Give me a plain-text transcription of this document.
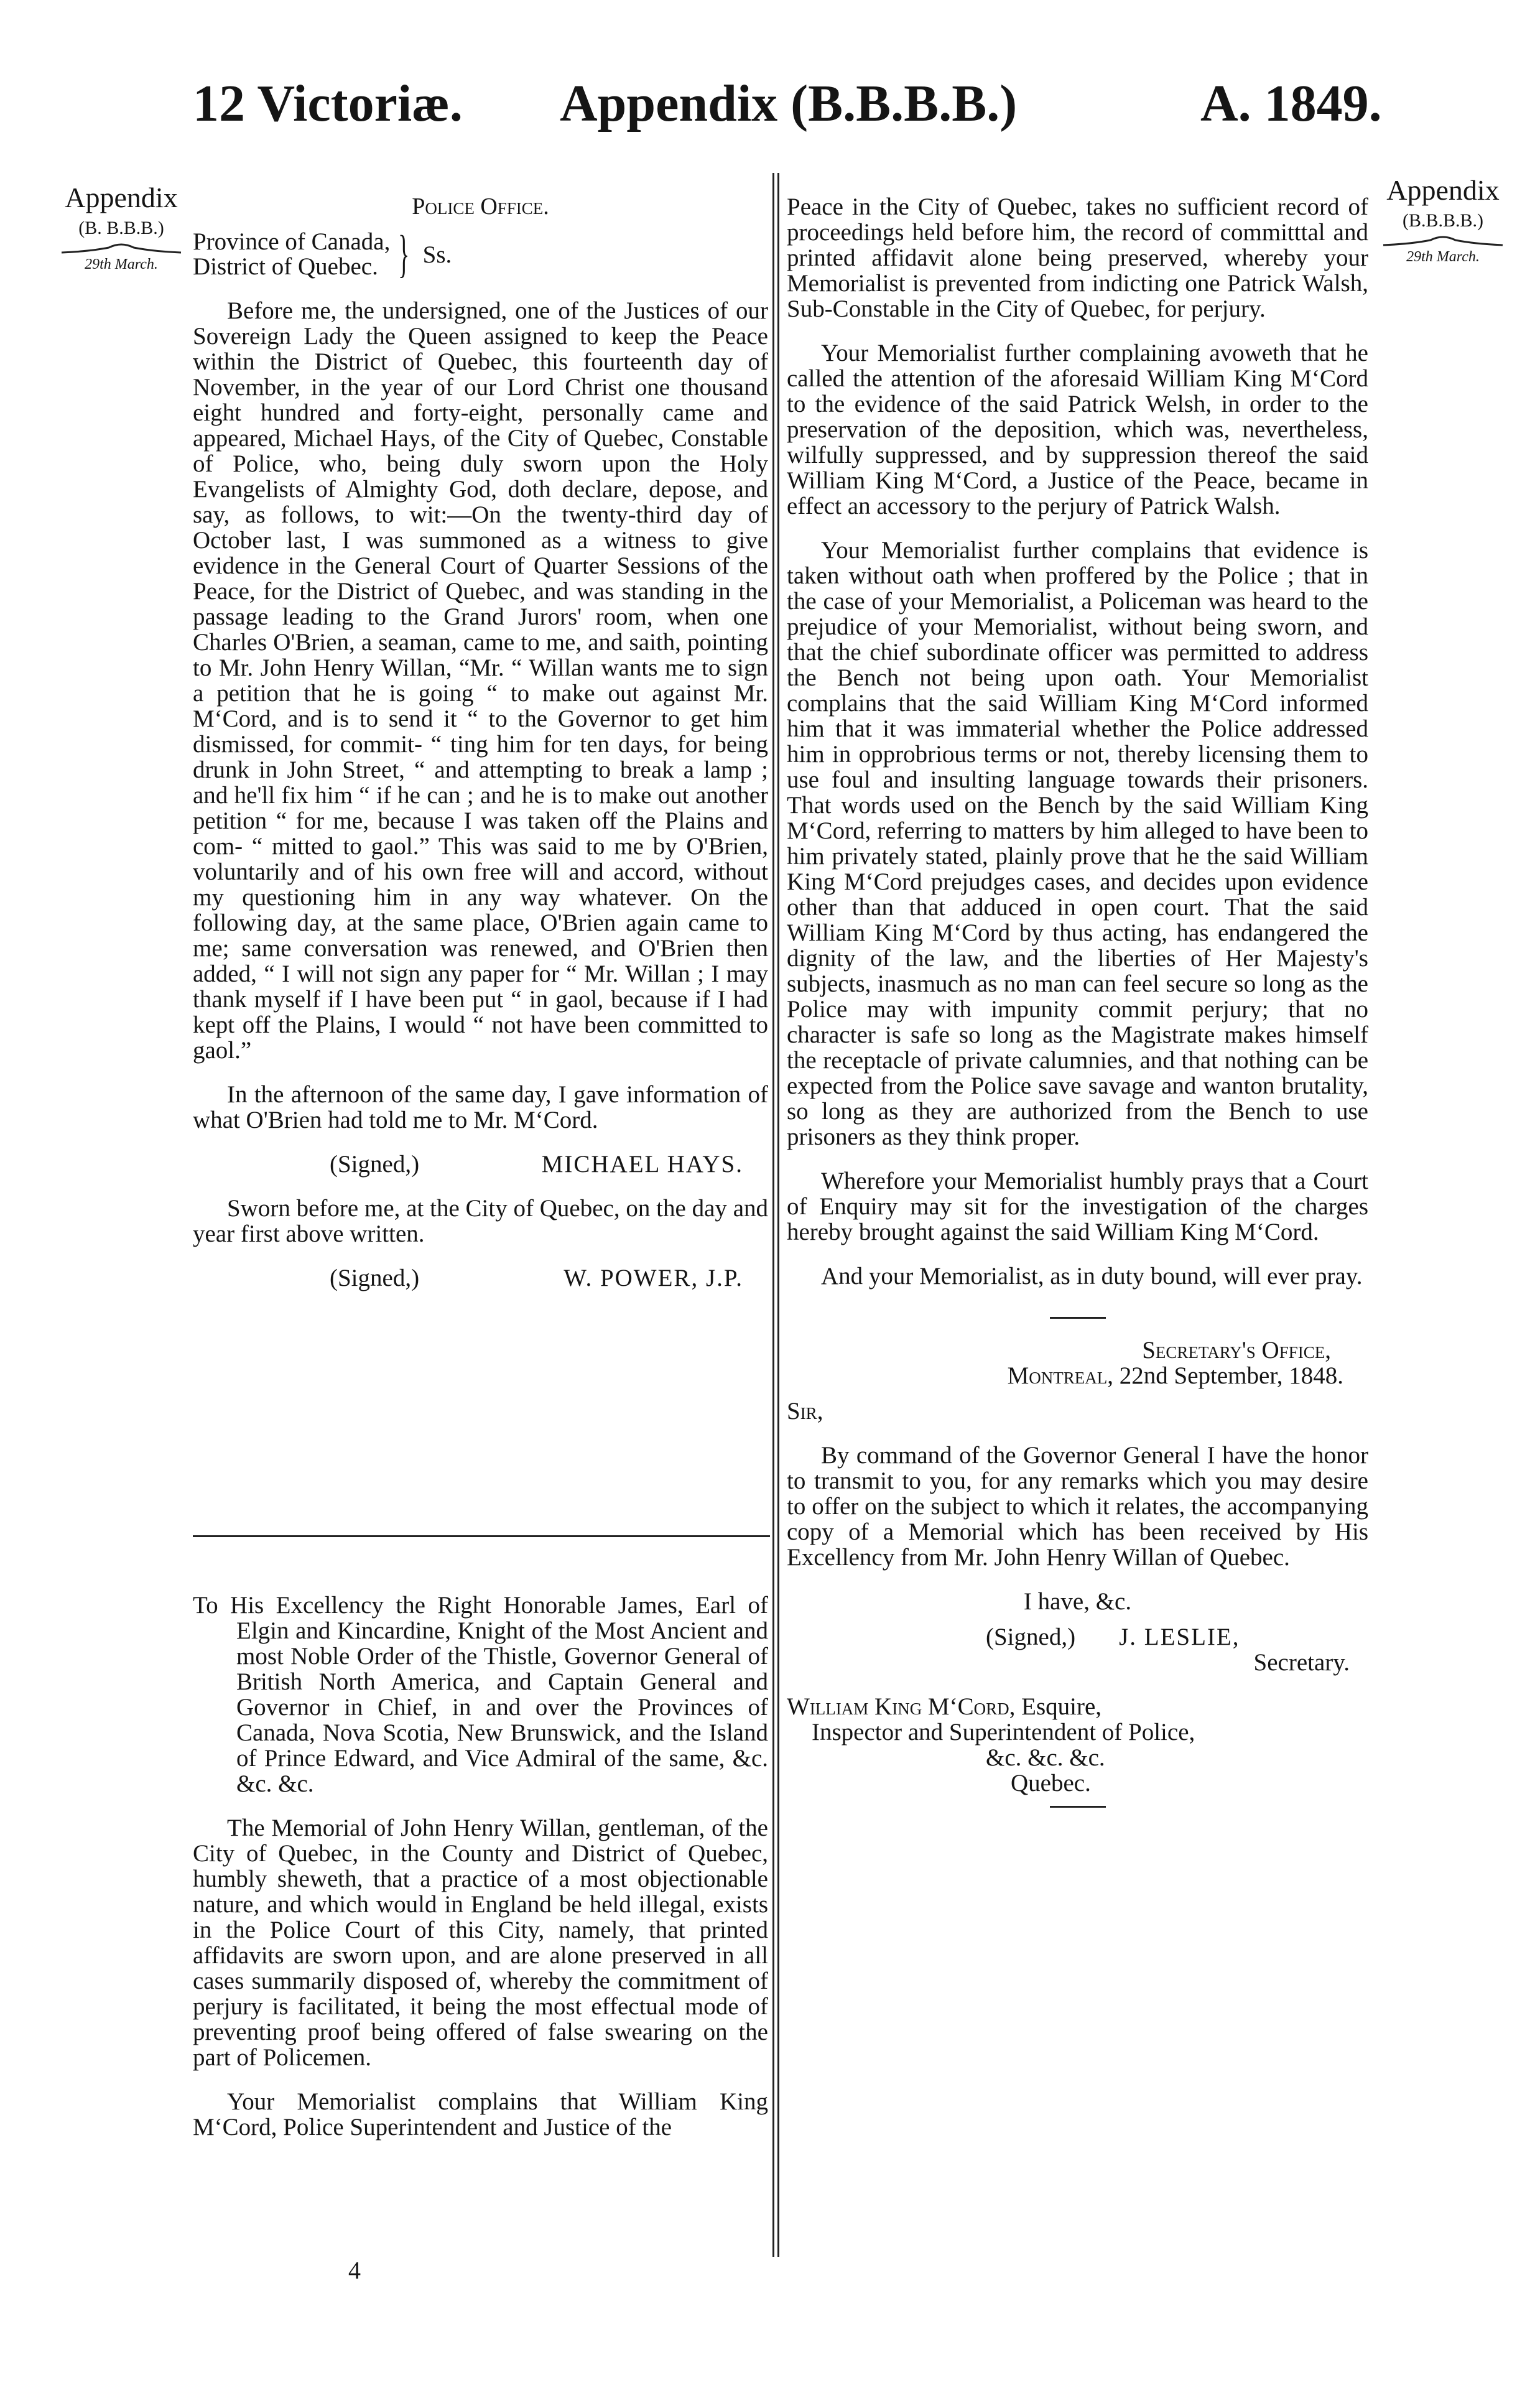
12 Victoriæ. Appendix (B.B.B.B.)	A. 1849.
Appendix
(B. B.B.B.)
29th March.
Appendix
(B.B.B.B.)
29th March.

Police Office.

Province of Canada,
District of Quebec. } Ss.

Before me, the undersigned, one of the Justices of our Sovereign Lady the Queen assigned to keep the Peace within the District of Quebec, this fourteenth day of November, in the year of our Lord Christ one thousand eight hundred and forty-eight, personally came and appeared, Michael Hays, of the City of Quebec, Constable of Police, who, being duly sworn upon the Holy Evangelists of Almighty God, doth declare, depose, and say, as follows, to wit:—On the twenty-third day of October last, I was summoned as a witness to give evidence in the General Court of Quarter Sessions of the Peace, for the District of Quebec, and was standing in the passage leading to the Grand Jurors' room, when one Charles O'Brien, a seaman, came to me, and saith, pointing to Mr. John Henry Willan, “Mr. “ Willan wants me to sign a petition that he is going “ to make out against Mr. M‘Cord, and is to send it “ to the Governor to get him dismissed, for commit- “ ting him for ten days, for being drunk in John Street, “ and attempting to break a lamp ; and he'll fix him “ if he can ; and he is to make out another petition “ for me, because I was taken off the Plains and com- “ mitted to gaol.” This was said to me by O'Brien, voluntarily and of his own free will and accord, without my questioning him in any way whatever. On the following day, at the same place, O'Brien again came to me; same conversation was renewed, and O'Brien then added, “ I will not sign any paper for “ Mr. Willan ; I may thank myself if I have been put “ in gaol, because if I had kept off the Plains, I would “ not have been committed to gaol.”

In the afternoon of the same day, I gave information of what O'Brien had told me to Mr. M‘Cord.

(Signed,)	MICHAEL HAYS.

Sworn before me, at the City of Quebec, on the day and year first above written.

(Signed,)	W. POWER, J.P.

To His Excellency the Right Honorable James, Earl of Elgin and Kincardine, Knight of the Most Ancient and most Noble Order of the Thistle, Governor General of British North America, and Captain General and Governor in Chief, in and over the Provinces of Canada, Nova Scotia, New Brunswick, and the Island of Prince Edward, and Vice Admiral of the same, &c. &c. &c.

The Memorial of John Henry Willan, gentleman, of the City of Quebec, in the County and District of Quebec, humbly sheweth, that a practice of a most objectionable nature, and which would in England be held illegal, exists in the Police Court of this City, namely, that printed affidavits are sworn upon, and are alone preserved in all cases summarily disposed of, whereby the commitment of perjury is facilitated, it being the most effectual mode of preventing proof being offered of false swearing on the part of Policemen.

Your Memorialist complains that William King M‘Cord, Police Superintendent and Justice of the

4

Peace in the City of Quebec, takes no sufficient record of proceedings held before him, the record of committtal and printed affidavit alone being preserved, whereby your Memorialist is prevented from indicting one Patrick Walsh, Sub-Constable in the City of Quebec, for perjury.

Your Memorialist further complaining avoweth that he called the attention of the aforesaid William King M‘Cord to the evidence of the said Patrick Welsh, in order to the preservation of the deposition, which was, nevertheless, wilfully suppressed, and by suppression thereof the said William King M‘Cord, a Justice of the Peace, became in effect an accessory to the perjury of Patrick Walsh.

Your Memorialist further complains that evidence is taken without oath when proffered by the Police ; that in the case of your Memorialist, a Policeman was heard to the prejudice of your Memorialist, without being sworn, and that the chief subordinate officer was permitted to address the Bench not being upon oath. Your Memorialist complains that the said William King M‘Cord informed him that it was immaterial whether the Police addressed him in opprobrious terms or not, thereby licensing them to use foul and insulting language towards their prisoners. That words used on the Bench by the said William King M‘Cord, referring to matters by him alleged to have been to him privately stated, plainly prove that he the said William King M‘Cord prejudges cases, and decides upon evidence other than that adduced in open court. That the said William King M‘Cord by thus acting, has endangered the dignity of the law, and the liberties of Her Majesty's subjects, inasmuch as no man can feel secure so long as the Police may with impunity commit perjury; that no character is safe so long as the Magistrate makes himself the receptacle of private calumnies, and that nothing can be expected from the Police save savage and wanton brutality, so long as they are authorized from the Bench to use prisoners as they think proper.

Wherefore your Memorialist humbly prays that a Court of Enquiry may sit for the investigation of the charges hereby brought against the said William King M‘Cord.

And your Memorialist, as in duty bound, will ever pray.

Secretary's Office,

Montreal, 22nd September, 1848.

Sir,

By command of the Governor General I have the honor to transmit to you, for any remarks which you may desire to offer on the subject to which it relates, the accompanying copy of a Memorial which has been received by His Excellency from Mr. John Henry Willan of Quebec.

I have, &c.

(Signed,) J. LESLIE,

Secretary.

William King M‘Cord, Esquire,

Inspector and Superintendent of Police,

&c. &c. &c.

Quebec.
